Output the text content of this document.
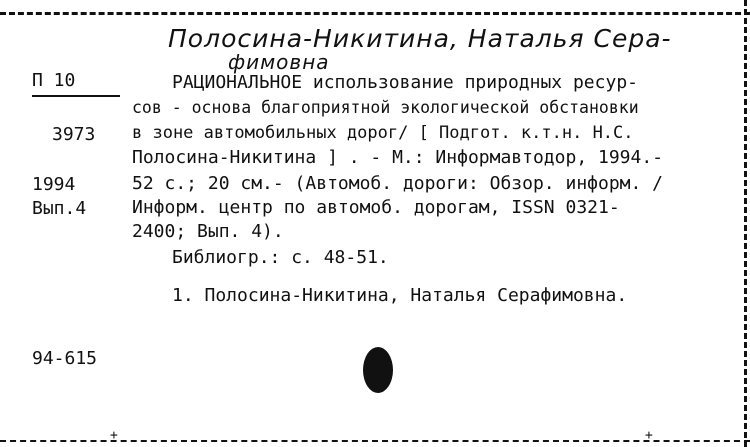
Полосина-Никитина, Наталья Сера-
фимовна
П 10
3973
1994
Вып.4
РАЦИОНАЛЬНОЕ использование природных ресур-
сов - основа благоприятной экологической обстановки
в зоне автомобильных дорог/ [ Подгот. к.т.н. Н.С.
Полосина-Никитина ] . - М.: Информавтодор, 1994.-
52 с.; 20 см.- (Автомоб. дороги: Обзор. информ. /
Информ. центр по автомоб. дорогам, ISSN 0321-
2400; Вып. 4).
Библиогр.: с. 48-51.
1. Полосина-Никитина, Наталья Серафимовна.
94-615
+	+
